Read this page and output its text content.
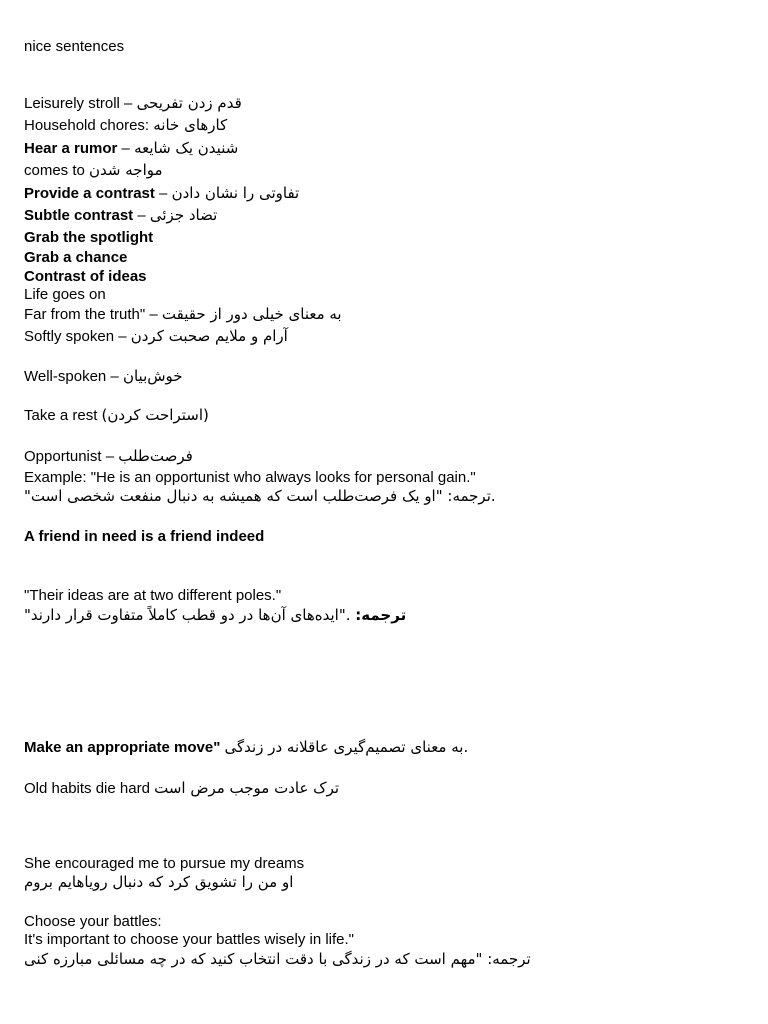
nice sentences
Leisurely stroll – قدم زدن تفریحی
Household chores: کارهای خانه
Hear a rumor – شنیدن یک شایعه
comes to مواجه شدن
Provide a contrast – تفاوتی را نشان دادن
Subtle contrast – تضاد جزئی
Grab the spotlight
Grab a chance
Contrast of ideas
Life goes on
Far from the truth" – به معنای خیلی دور از حقیقت
Softly spoken – آرام و ملایم صحبت کردن
Well-spoken – خوش‌بیان
Take a rest (استراحت کردن)
Opportunist – فرصت‌طلب
Example: "He is an opportunist who always looks for personal gain."
.ترجمه: "او یک فرصت‌طلب است که همیشه به دنبال منفعت شخصی است"
A friend in need is a friend indeed
"Their ideas are at two different poles."
ترجمه: ."ایده‌های آن‌ها در دو قطب کاملاً متفاوت قرار دارند"
Make an appropriate move" .به معنای تصمیم‌گیری عاقلانه در زندگی
Old habits die hard ترک عادت موجب مرض است
She encouraged me to pursue my dreams
او من را تشویق کرد که دنبال رویاهایم بروم
Choose your battles:
It's important to choose your battles wisely in life."
ترجمه: "مهم است که در زندگی با دقت انتخاب کنید که در چه مسائلی مبارزه کنی
